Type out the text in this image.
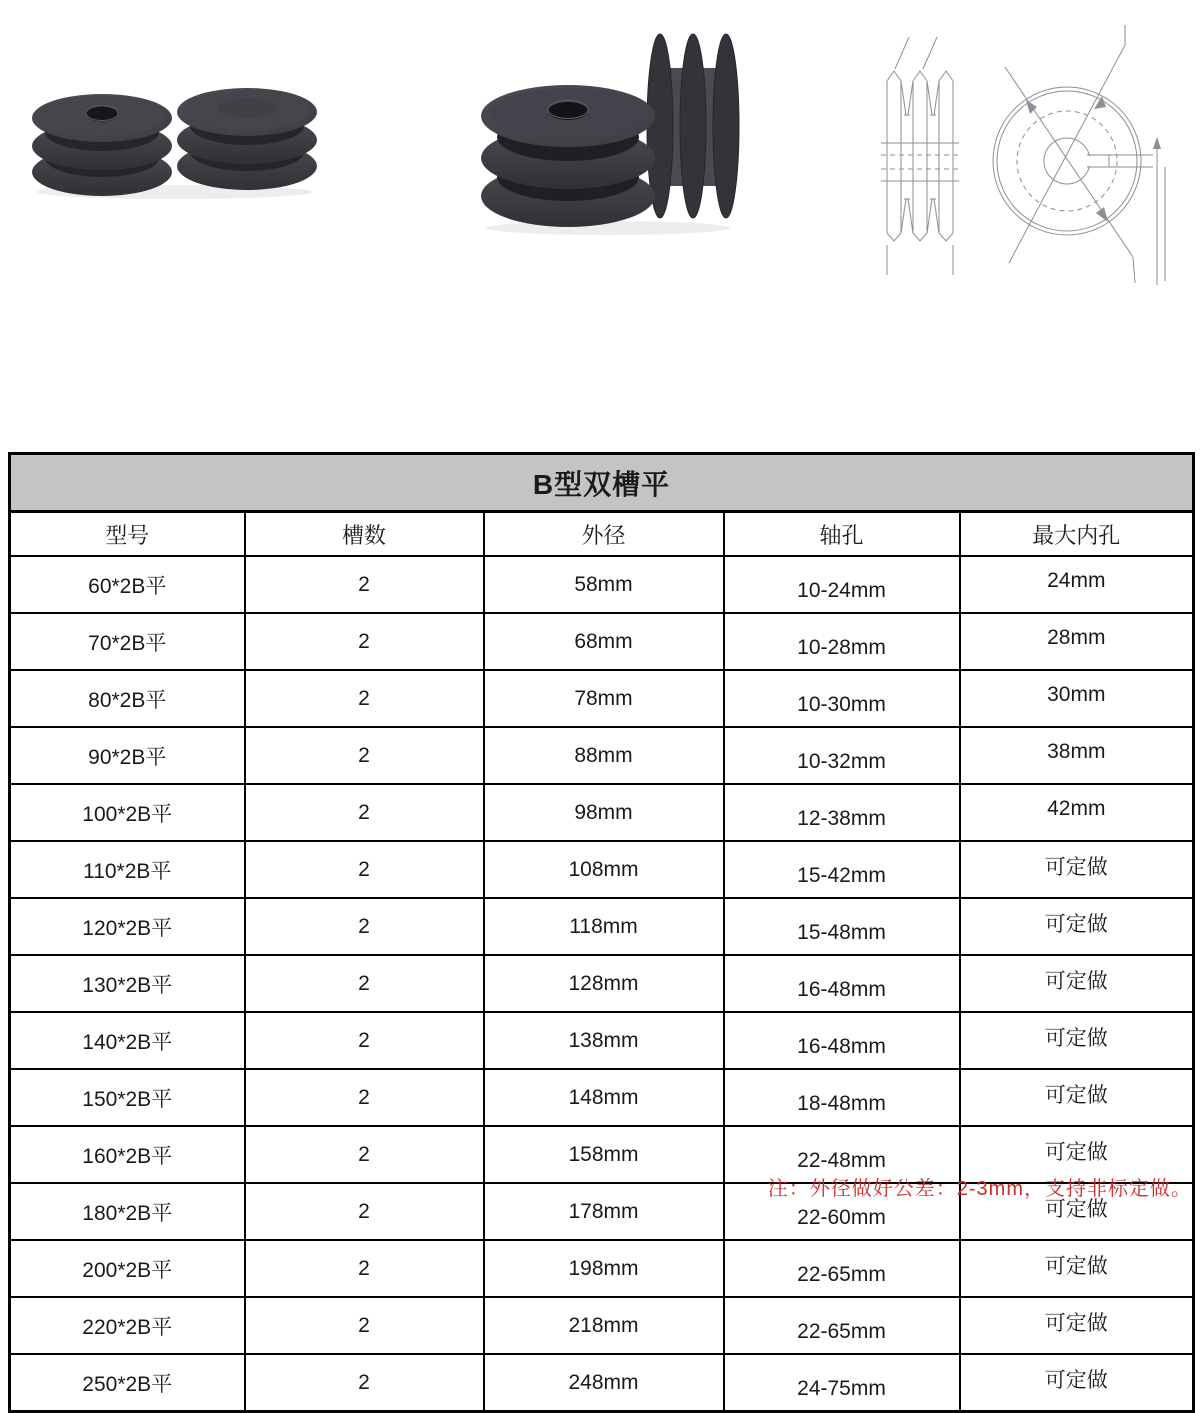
B型双槽平				
型号	槽数	外径	轴孔	最大内孔
60*2B平	2	58mm	10-24mm	24mm
70*2B平	2	68mm	10-28mm	28mm
80*2B平	2	78mm	10-30mm	30mm
90*2B平	2	88mm	10-32mm	38mm
100*2B平	2	98mm	12-38mm	42mm
110*2B平	2	108mm	15-42mm	可定做
120*2B平	2	118mm	15-48mm	可定做
130*2B平	2	128mm	16-48mm	可定做
140*2B平	2	138mm	16-48mm	可定做
150*2B平	2	148mm	18-48mm	可定做
160*2B平	2	158mm	22-48mm	可定做
180*2B平	2	178mm	22-60mm	可定做
200*2B平	2	198mm	22-65mm	可定做
220*2B平	2	218mm	22-65mm	可定做
250*2B平	2	248mm	24-75mm	可定做
注：外径做好公差：2-3mm，支持非标定做。
